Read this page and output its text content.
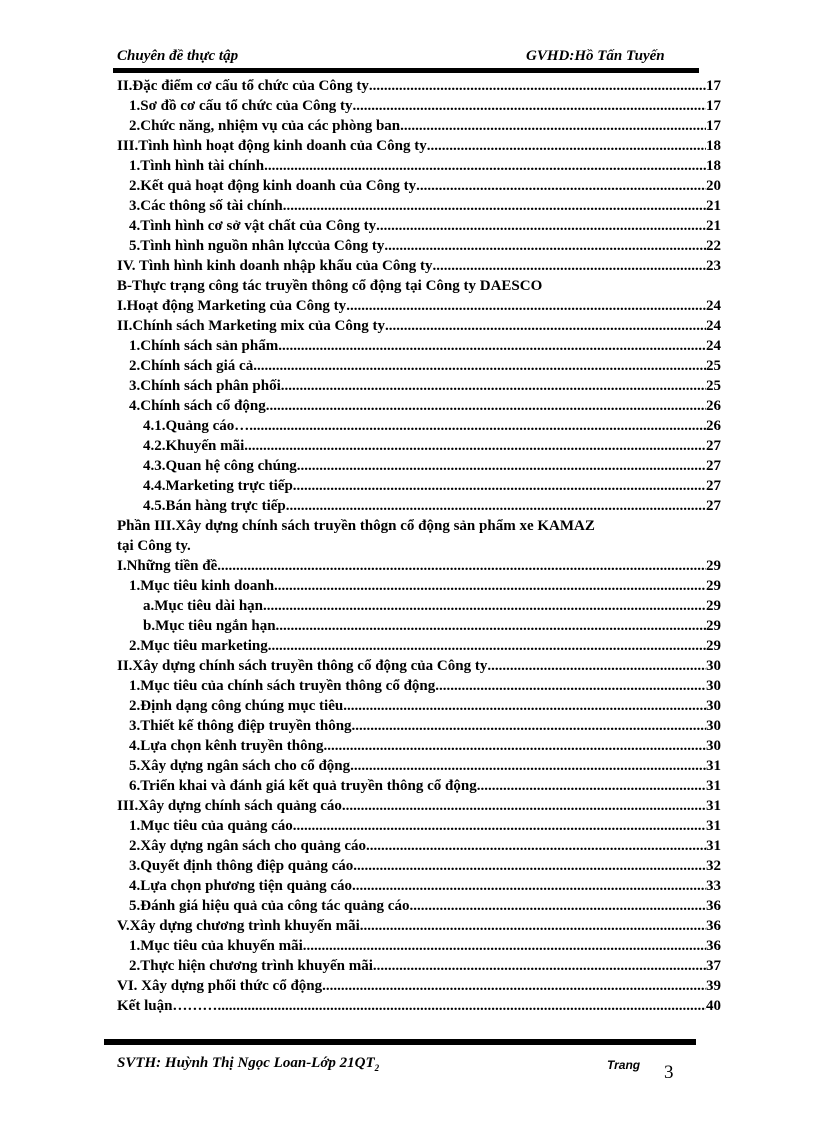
Chuyên đề thực tập	GVHD:Hồ Tấn Tuyến
II.Đặc điểm cơ cấu tổ chức của Công ty .....	17
1.Sơ đồ cơ cấu tổ chức của Công ty .....	17
2.Chức năng, nhiệm vụ của các phòng ban .....	17
III.Tình hình hoạt động kinh doanh của Công ty .....	18
1.Tình hình tài chính .....	18
2.Kết quả hoạt động kinh doanh của Công ty .....	20
3.Các thông số tài chính .....	21
4.Tình hình cơ sở vật chất của Công ty .....	21
5.Tình hình nguồn nhân lựccủa Công ty .....	22
IV. Tình hình kinh doanh nhập khẩu của Công ty .....	23
B-Thực trạng công tác truyền thông cổ động tại Công ty DAESCO
I.Hoạt động Marketing của Công ty .....	24
II.Chính sách Marketing mix của Công ty .....	24
1.Chính sách sản phẩm .....	24
2.Chính sách giá cả .....	25
3.Chính sách phân phối .....	25
4.Chính sách cổ động .....	26
4.1.Quảng cáo… .....	26
4.2.Khuyến mãi. .....	27
4.3.Quan hệ công chúng .....	27
4.4.Marketing trực tiếp .....	27
4.5.Bán hàng trực tiếp .....	27
Phần III.Xây dựng chính sách truyền thôgn cổ động sản phẩm xe KAMAZ
tại Công ty.
I.Những tiền đề .....	29
1.Mục tiêu kinh doanh .....	29
a.Mục tiêu dài hạn .....	29
b.Mục tiêu ngắn hạn .....	29
2.Mục tiêu marketing .....	29
II.Xây dựng chính sách truyền thông cổ động của Công ty .....	30
1.Mục tiêu của chính sách truyền thông cổ động .....	30
2.Định dạng công chúng mục tiêu .....	30
3.Thiết kế thông điệp truyền thông .....	30
4.Lựa chọn kênh truyền thông .....	30
5.Xây dựng ngân sách cho cổ động .....	31
6.Triển khai và đánh giá kết quả truyền thông cổ động .....	31
III.Xây dựng chính sách quảng cáo .....	31
1.Mục tiêu của quảng cáo .....	31
2.Xây dựng ngân sách cho quảng cáo .....	31
3.Quyết định thông điệp quảng cáo .....	32
4.Lựa chọn phương tiện quảng cáo .....	33
5.Đánh giá hiệu quả của công tác quảng cáo .....	36
V.Xây dựng chương trình khuyến mãi .....	36
1.Mục tiêu của khuyến mãi .....	36
2.Thực hiện chương trình khuyến mãi .....	37
VI. Xây dựng phối thức cổ động .....	39
Kết luận……… .....	40
SVTH: Huỳnh Thị Ngọc Loan-Lớp $21QT_2$	Trang 3
